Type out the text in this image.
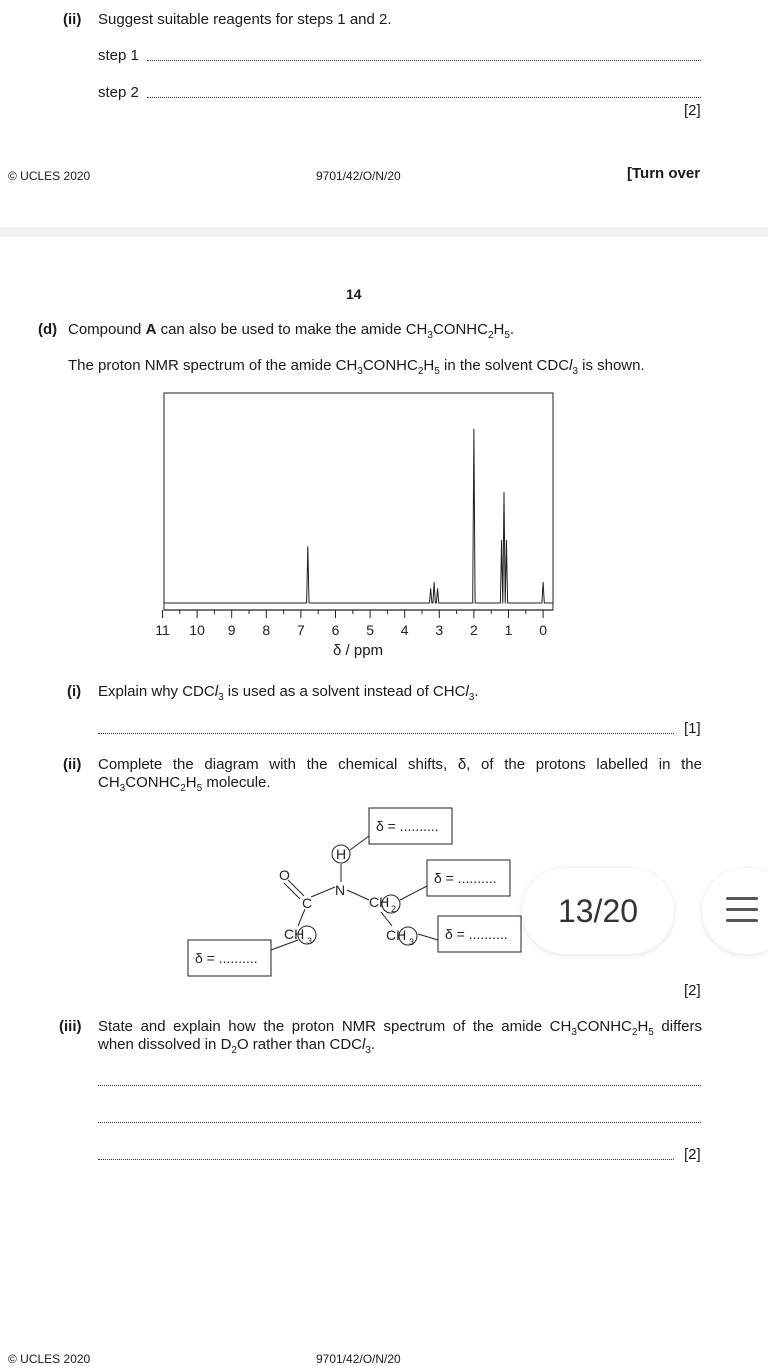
(ii) Suggest suitable reagents for steps 1 and 2.
step 1
step 2
[2]
© UCLES 2020	9701/42/O/N/20	[Turn over
14
(d) Compound A can also be used to make the amide $CH_3CONHC_2H_5$.
The proton NMR spectrum of the amide $CH_3CONHC_2H_5$ in the solvent CDCl$_3$ is shown.
11 10 9 8 7 6 5 4 3 2 1 0
δ / ppm
(i) Explain why CDCl$_3$ is used as a solvent instead of CHCl$_3$.
[1]
(ii) Complete the diagram with the chemical shifts, δ, of the protons labelled in the
$CH_3CONHC_2H_5$ molecule.
δ = ..........
δ = ..........
δ = ..........
δ = ..........
H
N
O
C	CH 2
CH 3
CH 3
[2]
(iii) State and explain how the proton NMR spectrum of the amide $CH_3CONHC_2H_5$ differs
when dissolved in $D_2O$ rather than CDCl$_3$.
[2]
© UCLES 2020	9701/42/O/N/20
13/20
